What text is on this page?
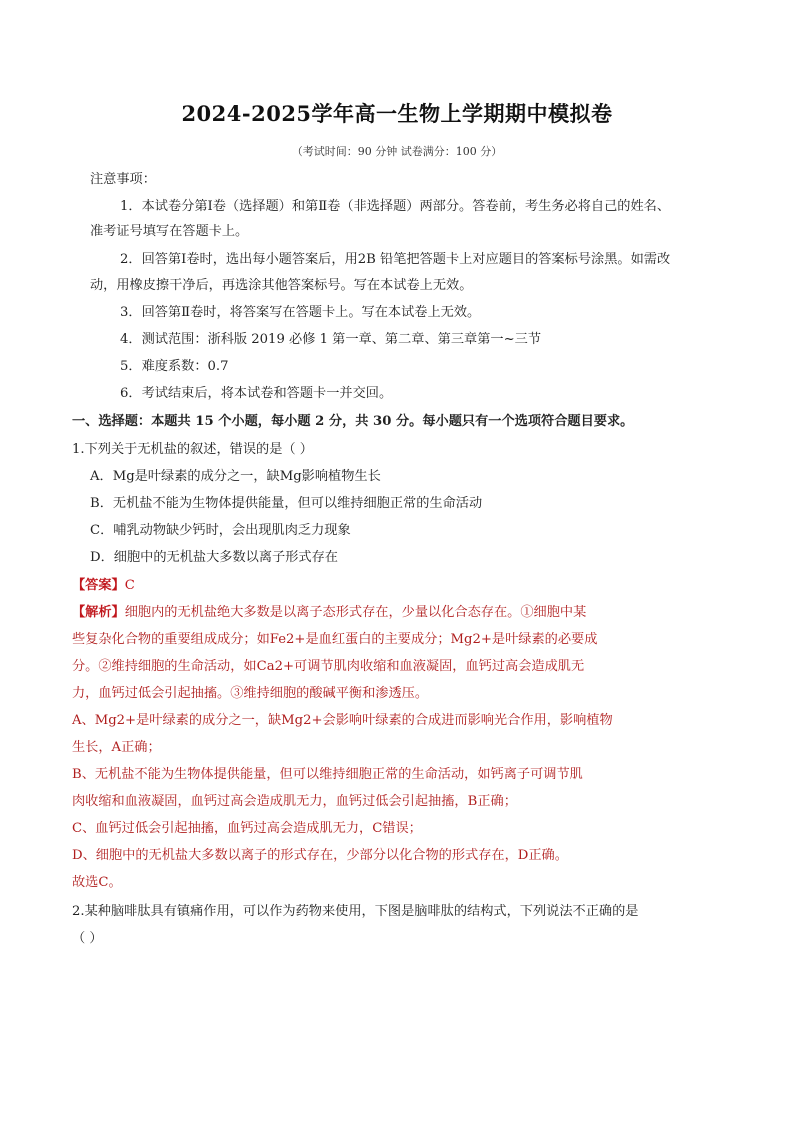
2024-2025学年高一生物上学期期中模拟卷
（考试时间：90 分钟 试卷满分：100 分）
注意事项：
1．本试卷分第Ⅰ卷（选择题）和第Ⅱ卷（非选择题）两部分。答卷前，考生务必将自己的姓名、
准考证号填写在答题卡上。
2．回答第Ⅰ卷时，选出每小题答案后，用2B 铅笔把答题卡上对应题目的答案标号涂黑。如需改
动，用橡皮擦干净后，再选涂其他答案标号。写在本试卷上无效。
3．回答第Ⅱ卷时，将答案写在答题卡上。写在本试卷上无效。
4．测试范围：浙科版 2019 必修 1 第一章、第二章、第三章第一~三节
5．难度系数：0.7
6．考试结束后，将本试卷和答题卡一并交回。
一、选择题：本题共 15 个小题，每小题 2 分，共 30 分。每小题只有一个选项符合题目要求。
1.下列关于无机盐的叙述，错误的是（ ）
A．Mg是叶绿素的成分之一，缺Mg影响植物生长
B．无机盐不能为生物体提供能量，但可以维持细胞正常的生命活动
C．哺乳动物缺少钙时，会出现肌肉乏力现象
D．细胞中的无机盐大多数以离子形式存在
【答案】C
【解析】细胞内的无机盐绝大多数是以离子态形式存在，少量以化合态存在。①细胞中某
些复杂化合物的重要组成成分；如Fe2+是血红蛋白的主要成分；Mg2+是叶绿素的必要成
分。②维持细胞的生命活动，如Ca2+可调节肌肉收缩和血液凝固，血钙过高会造成肌无
力，血钙过低会引起抽搐。③维持细胞的酸碱平衡和渗透压。
A、Mg2+是叶绿素的成分之一，缺Mg2+会影响叶绿素的合成进而影响光合作用，影响植物
生长，A正确；
B、无机盐不能为生物体提供能量，但可以维持细胞正常的生命活动，如钙离子可调节肌
肉收缩和血液凝固，血钙过高会造成肌无力，血钙过低会引起抽搐，B正确；
C、血钙过低会引起抽搐，血钙过高会造成肌无力，C错误；
D、细胞中的无机盐大多数以离子的形式存在，少部分以化合物的形式存在，D正确。
故选C。
2.某种脑啡肽具有镇痛作用，可以作为药物来使用，下图是脑啡肽的结构式，下列说法不正确的是
（ ）
